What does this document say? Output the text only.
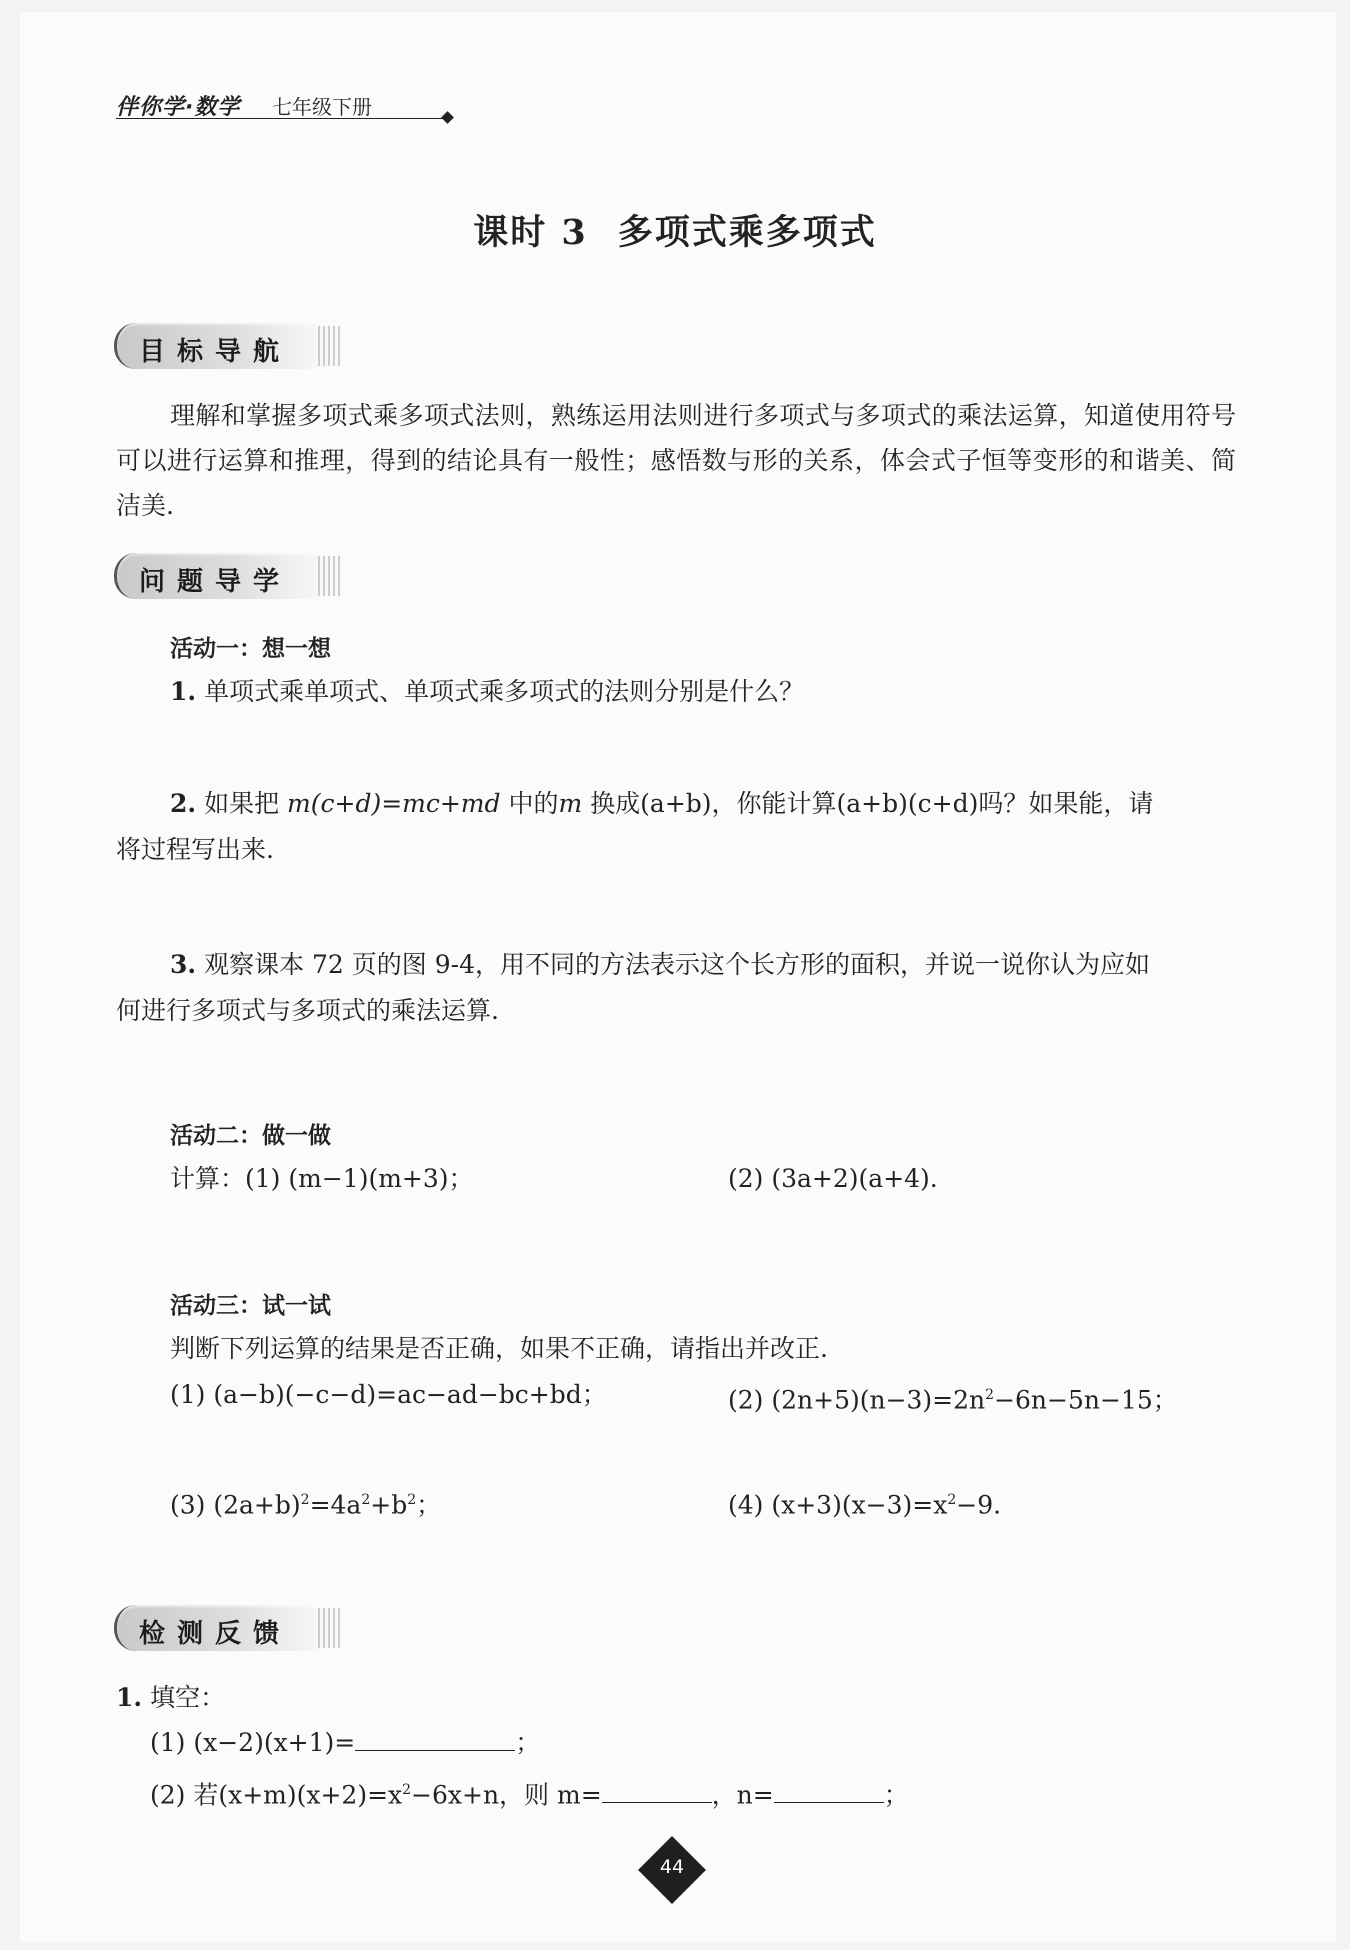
伴你学·数学 七年级下册
课时 3 多项式乘多项式
目标导航
理解和掌握多项式乘多项式法则，熟练运用法则进行多项式与多项式的乘法运算，知道使用符号可以进行运算和推理，得到的结论具有一般性；感悟数与形的关系，体会式子恒等变形的和谐美、简洁美.
问题导学
活动一：想一想
1. 单项式乘单项式、单项式乘多项式的法则分别是什么？
2. 如果把 m(c+d)=mc+md 中的m 换成(a+b)，你能计算(a+b)(c+d)吗？如果能，请
将过程写出来.
3. 观察课本 72 页的图 9-4，用不同的方法表示这个长方形的面积，并说一说你认为应如
何进行多项式与多项式的乘法运算.
活动二：做一做
计算：(1) (m−1)(m+3)；	(2) (3a+2)(a+4).
活动三：试一试
判断下列运算的结果是否正确，如果不正确，请指出并改正.
(1) (a−b)(−c−d)=ac−ad−bc+bd；	(2) $(2n+5)(n-3)=2n^2-6n-5n-15$；
(3) $(2a+b)^2=4a^2+b^2$；	(4) $(x+3)(x-3)=x^2-9$.
检测反馈
1. 填空：
(1) (x−2)(x+1)=	；
(2) 若$(x+m)(x+2)=x^2-6x+n$，则 m=	，n=	；
44
